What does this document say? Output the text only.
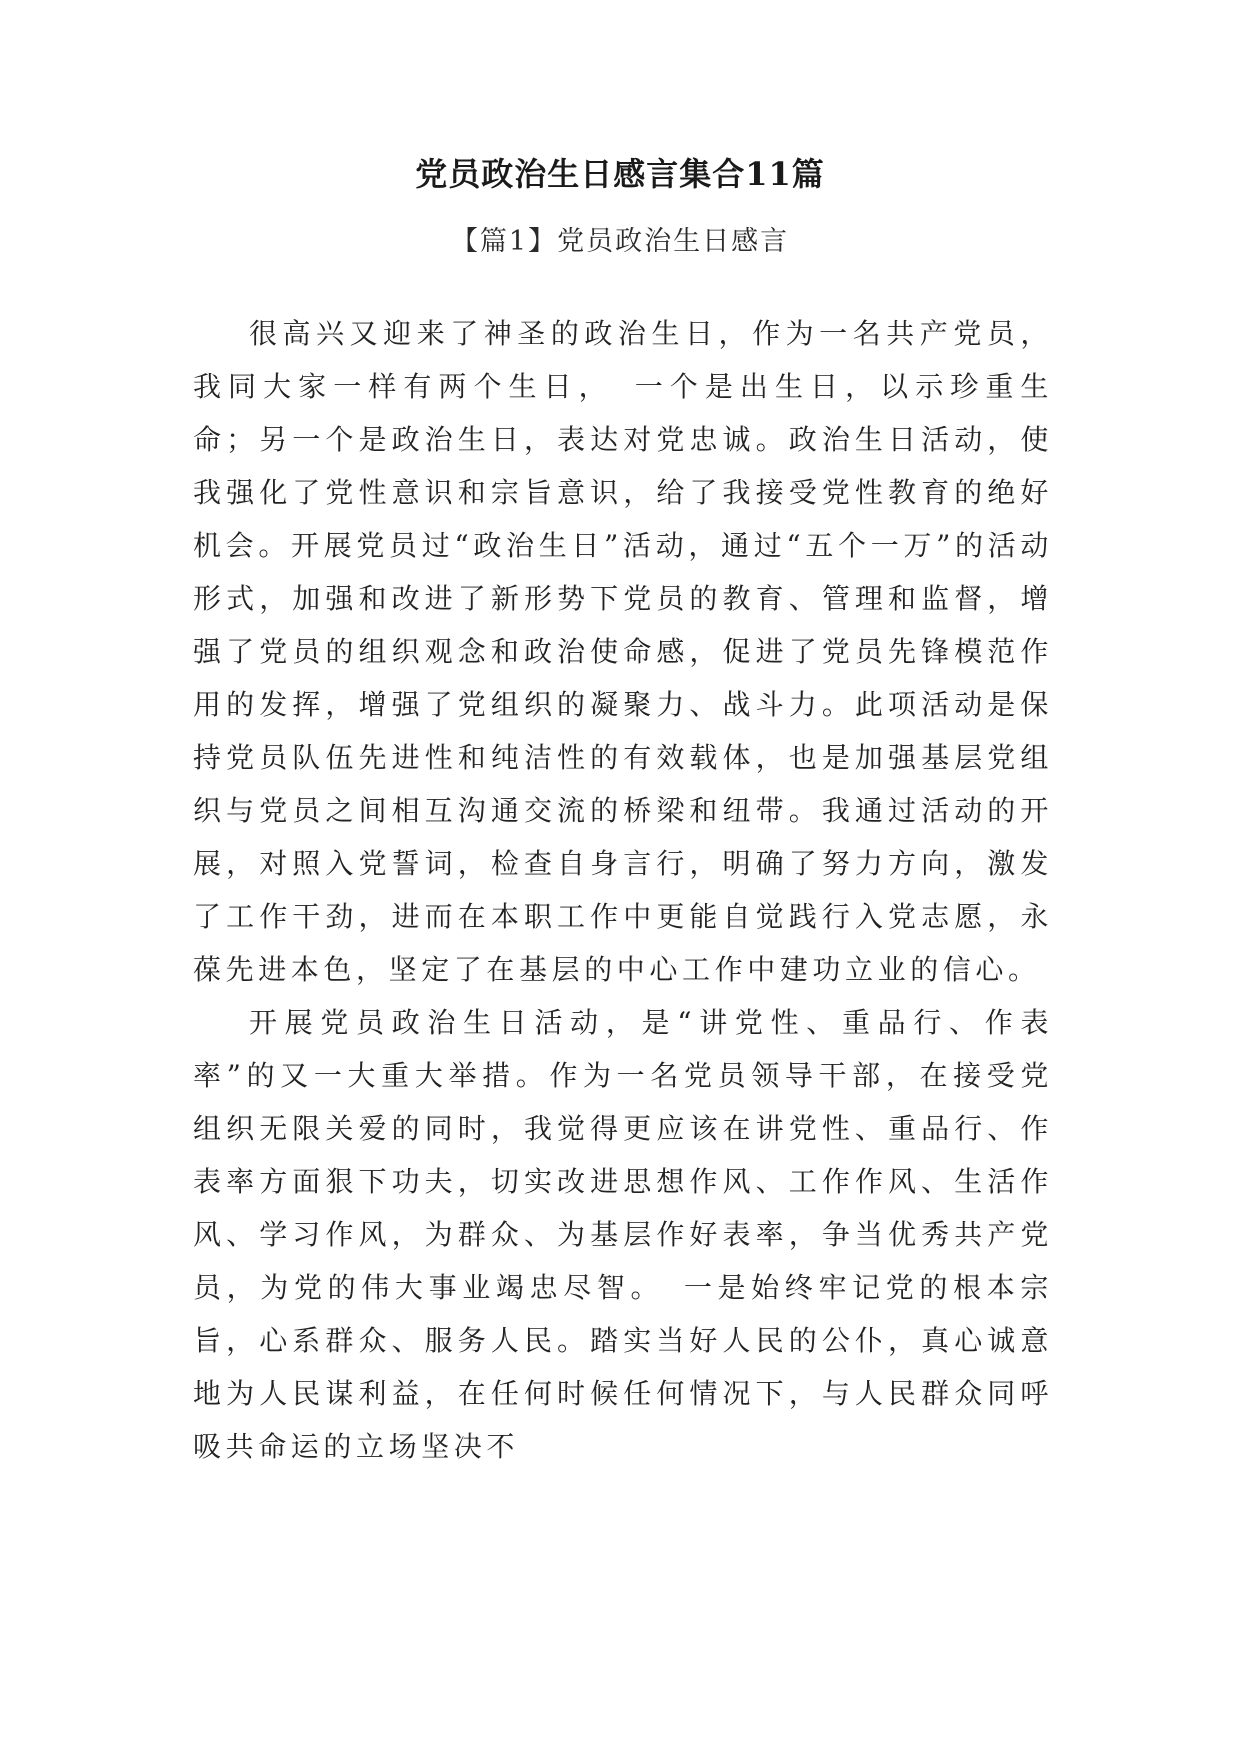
党员政治生日感言集合11篇
【篇1】党员政治生日感言

很高兴又迎来了神圣的政治生日，作为一名共产党员，我同大家一样有两个生日，　一个是出生日，以示珍重生命；另一个是政治生日，表达对党忠诚。政治生日活动，使我强化了党性意识和宗旨意识，给了我接受党性教育的绝好机会。开展党员过“政治生日”活动，通过“五个一万”的活动形式，加强和改进了新形势下党员的教育、管理和监督，增强了党员的组织观念和政治使命感，促进了党员先锋模范作用的发挥，增强了党组织的凝聚力、战斗力。此项活动是保持党员队伍先进性和纯洁性的有效载体，也是加强基层党组织与党员之间相互沟通交流的桥梁和纽带。我通过活动的开展，对照入党誓词，检查自身言行，明确了努力方向，激发了工作干劲，进而在本职工作中更能自觉践行入党志愿，永葆先进本色，坚定了在基层的中心工作中建功立业的信心。

开展党员政治生日活动，是“讲党性、重品行、作表率”的又一大重大举措。作为一名党员领导干部，在接受党组织无限关爱的同时，我觉得更应该在讲党性、重品行、作表率方面狠下功夫，切实改进思想作风、工作作风、生活作风、学习作风，为群众、为基层作好表率，争当优秀共产党员，为党的伟大事业竭忠尽智。　一是始终牢记党的根本宗旨，心系群众、服务人民。踏实当好人民的公仆，真心诚意地为人民谋利益，在任何时候任何情况下，与人民群众同呼吸共命运的立场坚决不
